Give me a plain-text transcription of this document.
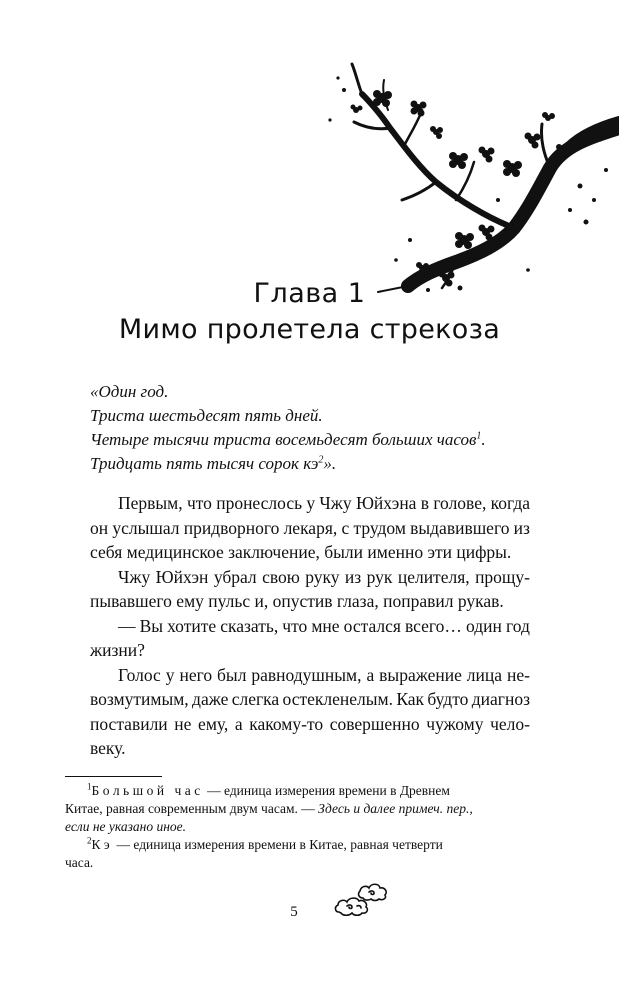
Глава 1
Мимо пролетела стрекоза
«Один год.
Триста шестьдесят пять дней.
Четыре тысячи триста восемьдесят больших часов$^1$.
Тридцать пять тысяч сорок $кэ^2$».
Первым, что пронеслось у Чжу Юйхэна в голове, когда
он услышал придворного лекаря, с трудом выдавившего из
себя медицинское заключение, были именно эти цифры.
Чжу Юйхэн убрал свою руку из рук целителя, прощу-
пывавшего ему пульс и, опустив глаза, поправил рукав.
— Вы хотите сказать, что мне остался всего… один год
жизни?
Голос у него был равнодушным, а выражение лица не-
возмутимым, даже слегка остекленелым. Как будто диагноз
поставили не ему, а какому-то совершенно чужому чело-
веку.
$^1$Большой час — единица измерения времени в Древнем
Китае, равная современным двум часам. — Здесь и далее примеч. пер.,
если не указано иное.
$^2$Кэ — единица измерения времени в Китае, равная четверти
часа.
5
